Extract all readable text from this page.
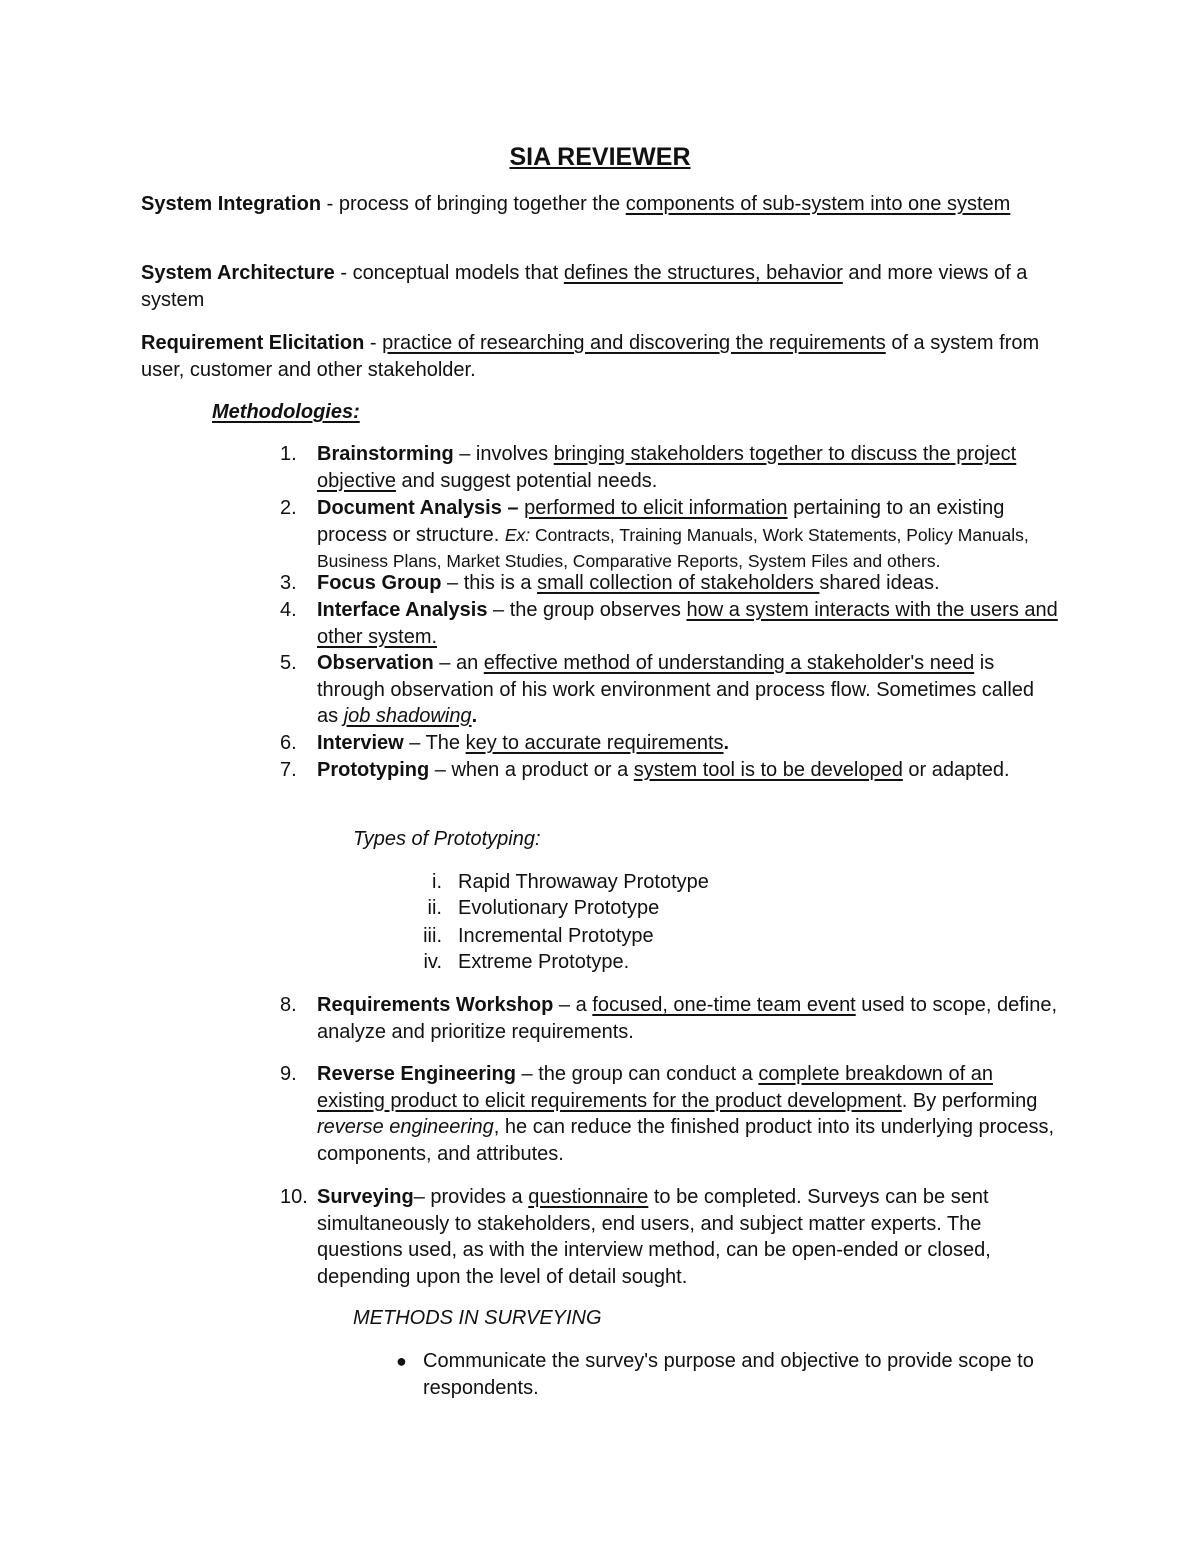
SIA REVIEWER
System Integration - process of bringing together the components of sub-system into one system
System Architecture - conceptual models that defines the structures, behavior and more views of a system
Requirement Elicitation - practice of researching and discovering the requirements of a system from user, customer and other stakeholder.
Methodologies:
1.	Brainstorming – involves bringing stakeholders together to discuss the project objective and suggest potential needs.
2.	Document Analysis – performed to elicit information pertaining to an existing process or structure. Ex: Contracts, Training Manuals, Work Statements, Policy Manuals, Business Plans, Market Studies, Comparative Reports, System Files and others.
3.	Focus Group – this is a small collection of stakeholders shared ideas.
4.	Interface Analysis – the group observes how a system interacts with the users and other system.
5.	Observation – an effective method of understanding a stakeholder's need is through observation of his work environment and process flow. Sometimes called as job shadowing.
6.	Interview – The key to accurate requirements.
7.	Prototyping – when a product or a system tool is to be developed or adapted.
Types of Prototyping:
i. Rapid Throwaway Prototype
ii. Evolutionary Prototype
iii. Incremental Prototype
iv. Extreme Prototype.
8.	Requirements Workshop – a focused, one-time team event used to scope, define, analyze and prioritize requirements.
9.	Reverse Engineering – the group can conduct a complete breakdown of an existing product to elicit requirements for the product development. By performing reverse engineering, he can reduce the finished product into its underlying process, components, and attributes.
10. Surveying– provides a questionnaire to be completed. Surveys can be sent simultaneously to stakeholders, end users, and subject matter experts. The questions used, as with the interview method, can be open-ended or closed, depending upon the level of detail sought.
METHODS IN SURVEYING
● Communicate the survey's purpose and objective to provide scope to respondents.
